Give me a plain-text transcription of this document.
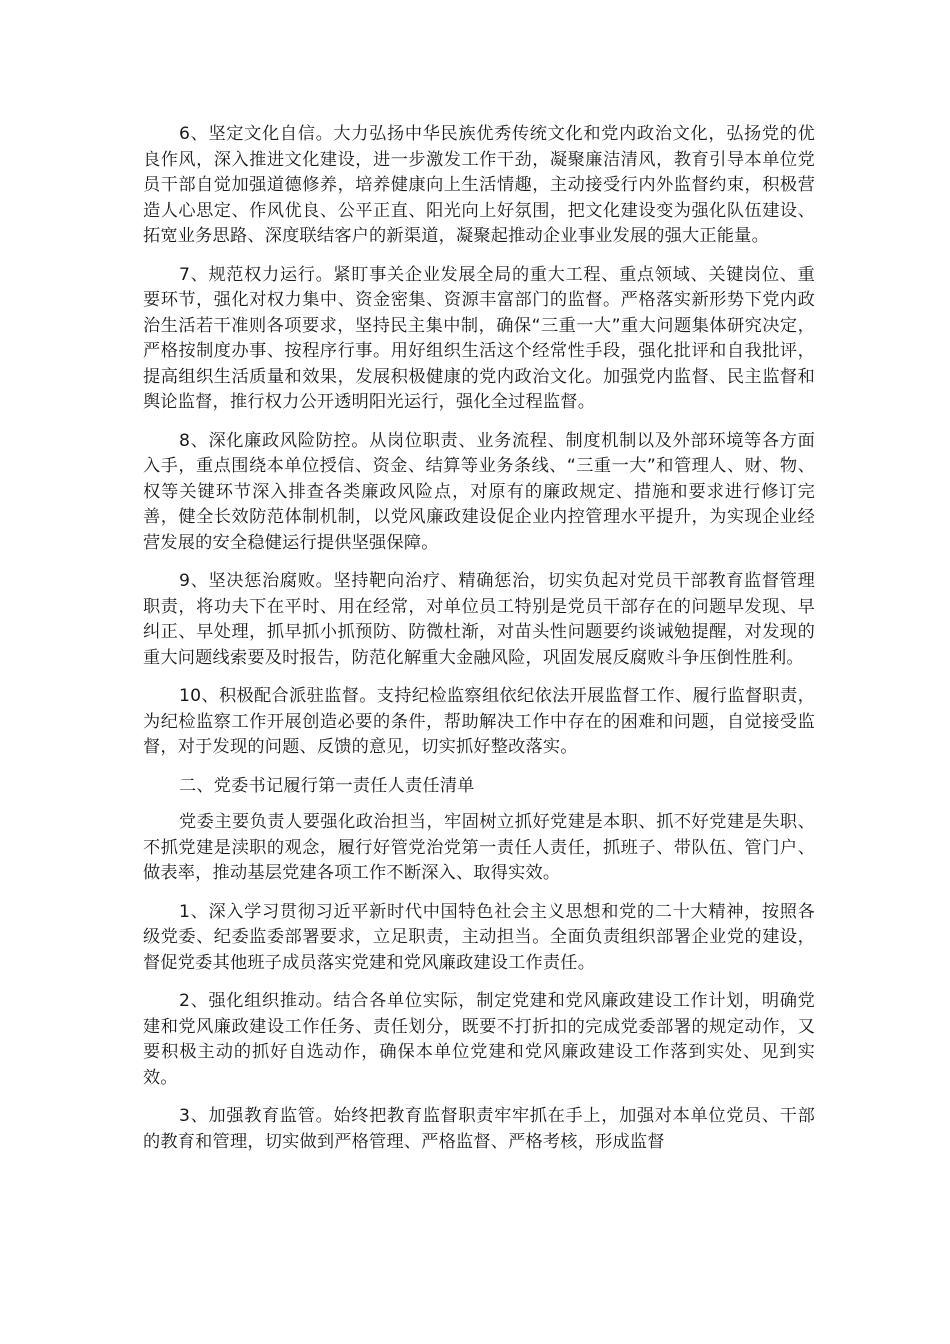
6、坚定文化自信。大力弘扬中华民族优秀传统文化和党内政治文化，弘扬党的优良作风，深入推进文化建设，进一步激发工作干劲，凝聚廉洁清风，教育引导本单位党员干部自觉加强道德修养，培养健康向上生活情趣，主动接受行内外监督约束，积极营造人心思定、作风优良、公平正直、阳光向上好氛围，把文化建设变为强化队伍建设、拓宽业务思路、深度联结客户的新渠道，凝聚起推动企业事业发展的强大正能量。

7、规范权力运行。紧盯事关企业发展全局的重大工程、重点领域、关键岗位、重要环节，强化对权力集中、资金密集、资源丰富部门的监督。严格落实新形势下党内政治生活若干准则各项要求，坚持民主集中制，确保“三重一大”重大问题集体研究决定，严格按制度办事、按程序行事。用好组织生活这个经常性手段，强化批评和自我批评，提高组织生活质量和效果，发展积极健康的党内政治文化。加强党内监督、民主监督和舆论监督，推行权力公开透明阳光运行，强化全过程监督。

8、深化廉政风险防控。从岗位职责、业务流程、制度机制以及外部环境等各方面入手，重点围绕本单位授信、资金、结算等业务条线、“三重一大”和管理人、财、物、权等关键环节深入排查各类廉政风险点，对原有的廉政规定、措施和要求进行修订完善，健全长效防范体制机制，以党风廉政建设促企业内控管理水平提升，为实现企业经营发展的安全稳健运行提供坚强保障。

9、坚决惩治腐败。坚持靶向治疗、精确惩治，切实负起对党员干部教育监督管理职责，将功夫下在平时、用在经常，对单位员工特别是党员干部存在的问题早发现、早纠正、早处理，抓早抓小抓预防、防微杜渐，对苗头性问题要约谈诫勉提醒，对发现的重大问题线索要及时报告，防范化解重大金融风险，巩固发展反腐败斗争压倒性胜利。

10、积极配合派驻监督。支持纪检监察组依纪依法开展监督工作、履行监督职责，为纪检监察工作开展创造必要的条件，帮助解决工作中存在的困难和问题，自觉接受监督，对于发现的问题、反馈的意见，切实抓好整改落实。

二、党委书记履行第一责任人责任清单

党委主要负责人要强化政治担当，牢固树立抓好党建是本职、抓不好党建是失职、不抓党建是渎职的观念，履行好管党治党第一责任人责任，抓班子、带队伍、管门户、做表率，推动基层党建各项工作不断深入、取得实效。

1、深入学习贯彻习近平新时代中国特色社会主义思想和党的二十大精神，按照各级党委、纪委监委部署要求，立足职责，主动担当。全面负责组织部署企业党的建设，督促党委其他班子成员落实党建和党风廉政建设工作责任。

2、强化组织推动。结合各单位实际，制定党建和党风廉政建设工作计划，明确党建和党风廉政建设工作任务、责任划分，既要不打折扣的完成党委部署的规定动作，又要积极主动的抓好自选动作，确保本单位党建和党风廉政建设工作落到实处、见到实效。

3、加强教育监管。始终把教育监督职责牢牢抓在手上，加强对本单位党员、干部的教育和管理，切实做到严格管理、严格监督、严格考核，形成监督
